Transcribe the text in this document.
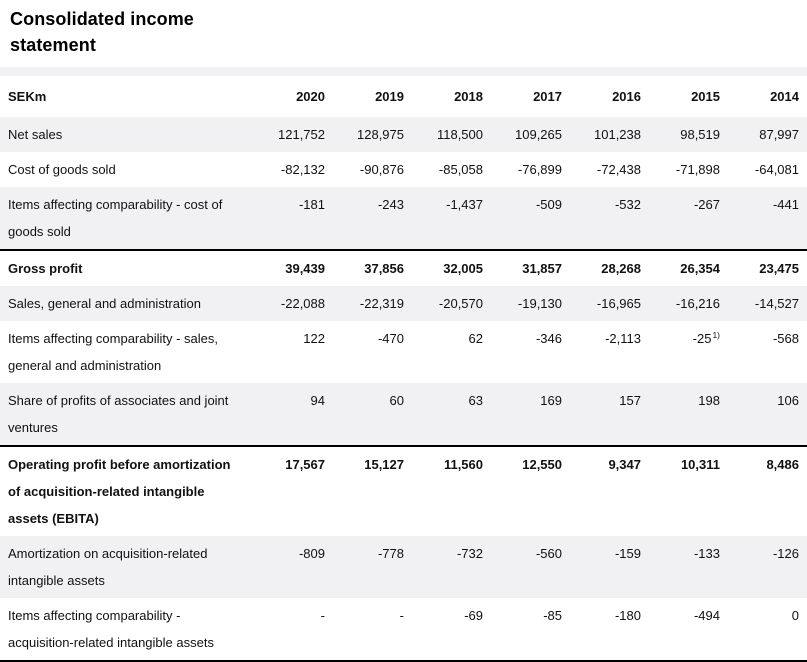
Consolidated income statement
SEKm	2020	2019	2018	2017	2016	2015	2014
Net sales	121,752	128,975	118,500	109,265	101,238	98,519	87,997
Cost of goods sold	-82,132	-90,876	-85,058	-76,899	-72,438	-71,898	-64,081
Items affecting comparability - cost of goods sold	-181	-243	-1,437	-509	-532	-267	-441
Gross profit	39,439	37,856	32,005	31,857	28,268	26,354	23,475
Sales, general and administration	-22,088	-22,319	-20,570	-19,130	-16,965	-16,216	-14,527
Items affecting comparability - sales, general and administration	122	-470	62	-346	-2,113	-25$^{1)}$	-568
Share of profits of associates and joint ventures	94	60	63	169	157	198	106
Operating profit before amortization of acquisition-related intangible assets (EBITA)	17,567	15,127	11,560	12,550	9,347	10,311	8,486
Amortization on acquisition-related intangible assets	-809	-778	-732	-560	-159	-133	-126
Items affecting comparability - acquisition-related intangible assets	-	-	-69	-85	-180	-494	0
